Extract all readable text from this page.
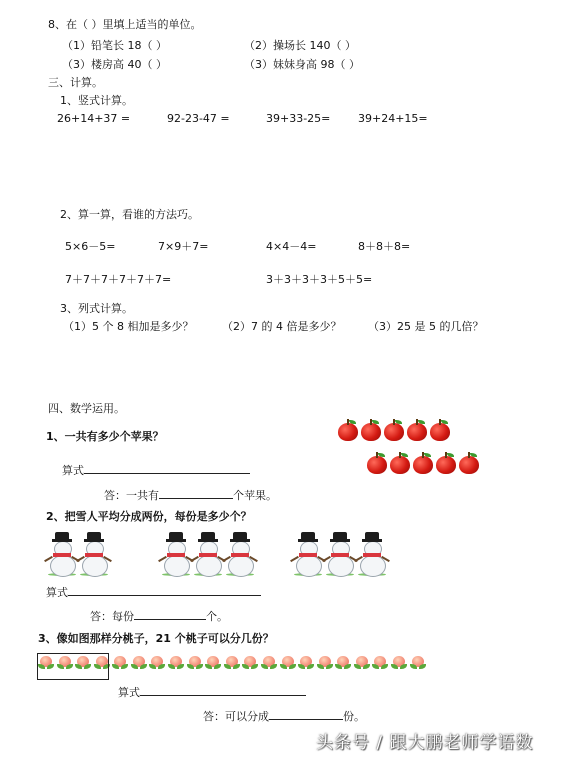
8、在（ ）里填上适当的单位。
（1）铅笔长 18（ ）	（2）操场长 140（ ）
（3）楼房高 40（ ）	（3）妹妹身高 98（ ）
三、计算。
1、竖式计算。
26+14+37 =	92-23-47 =	39+33-25=	39+24+15=
2、算一算，看谁的方法巧。
5×6－5=	7×9＋7=	4×4－4=	8＋8＋8=
7＋7＋7＋7＋7＋7=	3＋3＋3＋3＋5＋5=
3、列式计算。
（1）5 个 8 相加是多少？	（2）7 的 4 倍是多少？ （3）25 是 5 的几倍？
四、数学运用。
1、一共有多少个苹果？
算式
答：一共有	个苹果。
2、把雪人平均分成两份，每份是多少个？
算式
答：每份	个。
3、像如图那样分桃子，21 个桃子可以分几份？
算式
答：可以分成	份。
头条号 / 跟大鹏老师学语数
